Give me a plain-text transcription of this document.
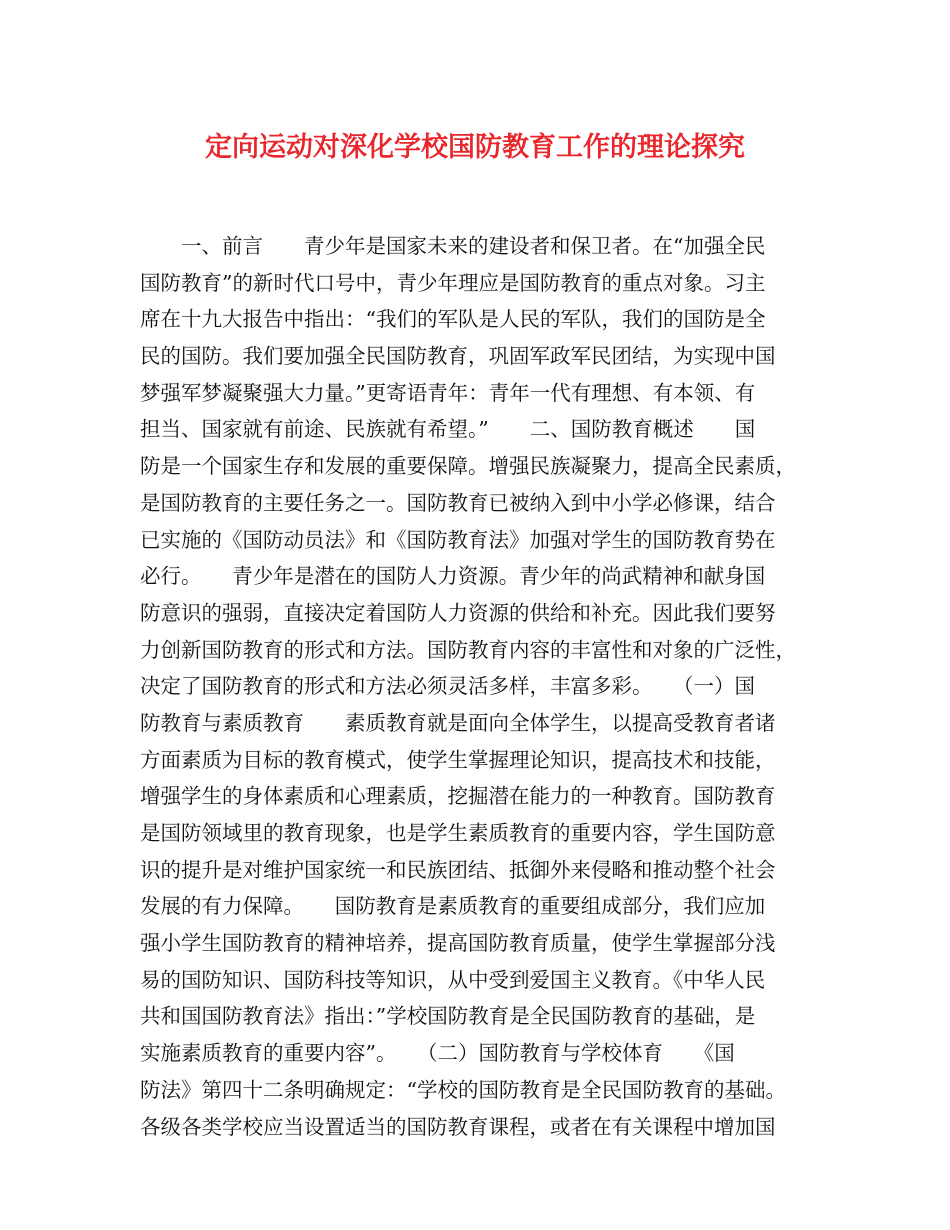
定向运动对深化学校国防教育工作的理论探究

　　一、前言　　青少年是国家未来的建设者和保卫者。在“加强全民

国防教育”的新时代口号中，青少年理应是国防教育的重点对象。习主

席在十九大报告中指出：“我们的军队是人民的军队，我们的国防是全

民的国防。我们要加强全民国防教育，巩固军政军民团结，为实现中国

梦强军梦凝聚强大力量。”更寄语青年：青年一代有理想、有本领、有

担当、国家就有前途、民族就有希望。”　　二、国防教育概述　　国

防是一个国家生存和发展的重要保障。增强民族凝聚力，提高全民素质，

是国防教育的主要任务之一。国防教育已被纳入到中小学必修课，结合

已实施的《国防动员法》和《国防教育法》加强对学生的国防教育势在

必行。　　青少年是潜在的国防人力资源。青少年的尚武精神和献身国

防意识的强弱，直接决定着国防人力资源的供给和补充。因此我们要努

力创新国防教育的形式和方法。国防教育内容的丰富性和对象的广泛性，

决定了国防教育的形式和方法必须灵活多样，丰富多彩。　　（一）国

防教育与素质教育　　素质教育就是面向全体学生，以提高受教育者诸

方面素质为目标的教育模式，使学生掌握理论知识，提高技术和技能，

增强学生的身体素质和心理素质，挖掘潜在能力的一种教育。国防教育

是国防领域里的教育现象，也是学生素质教育的重要内容，学生国防意

识的提升是对维护国家统一和民族团结、抵御外来侵略和推动整个社会

发展的有力保障。　　国防教育是素质教育的重要组成部分，我们应加

强小学生国防教育的精神培养，提高国防教育质量，使学生掌握部分浅

易的国防知识、国防科技等知识，从中受到爱国主义教育。《中华人民

共和国国防教育法》指出：”学校国防教育是全民国防教育的基础，是

实施素质教育的重要内容”。　　（二）国防教育与学校体育　　《国

防法》第四十二条明确规定：“学校的国防教育是全民国防教育的基础。

各级各类学校应当设置适当的国防教育课程，或者在有关课程中增加国
